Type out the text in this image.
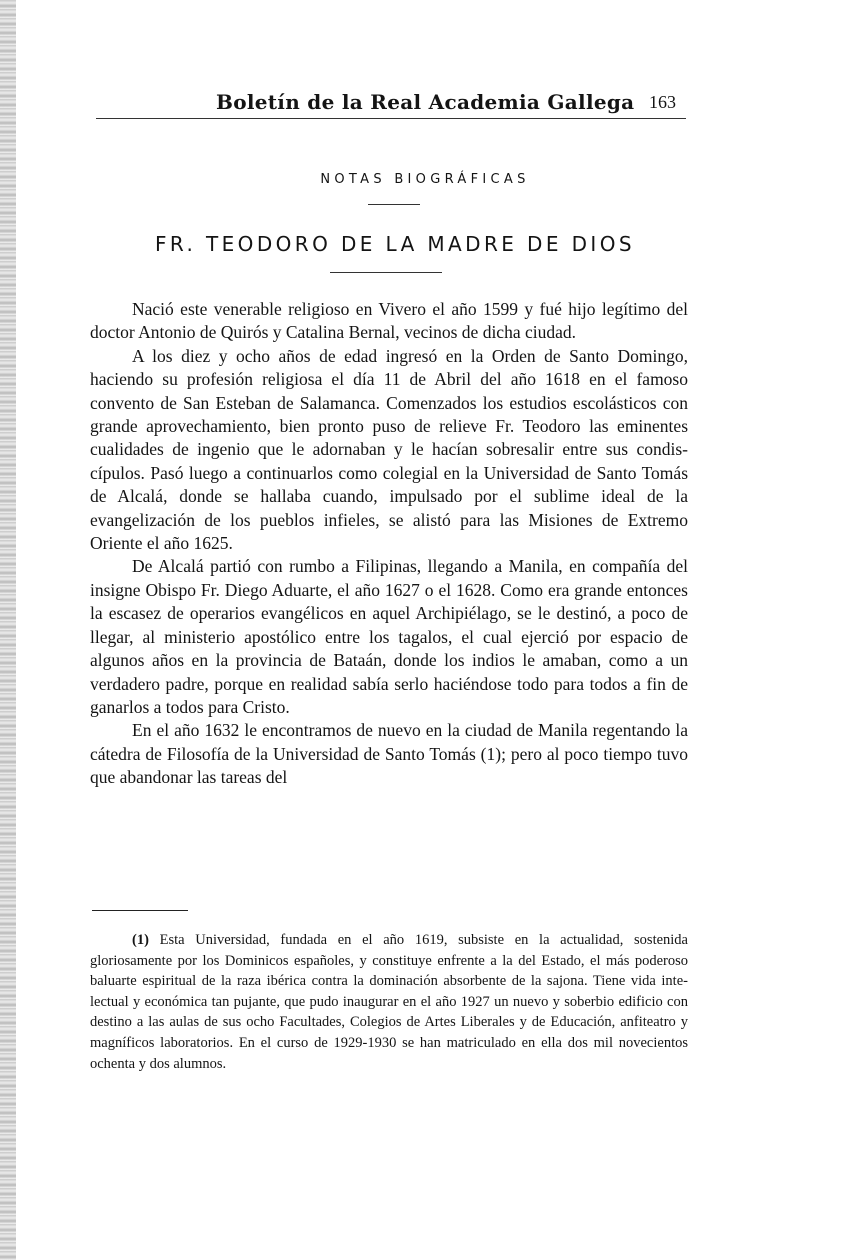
Boletín de la Real Academia Gallega 163
NOTAS BIOGRÁFICAS
FR. TEODORO DE LA MADRE DE DIOS

Nació este venerable religioso en Vivero el año 1599 y fué hijo legítimo del doctor Antonio de Quirós y Catalina Bernal, vecinos de dicha ciudad.

A los diez y ocho años de edad ingresó en la Orden de Santo Domingo, haciendo su profesión religiosa el día 11 de Abril del año 1618 en el famoso convento de San Esteban de Salamanca. Comenzados los estudios escolásticos con grande aprovechamiento, bien pronto puso de relieve Fr. Teodoro las eminentes cualidades de ingenio que le adornaban y le hacían sobresalir entre sus condiscípulos. Pasó luego a continuarlos como colegial en la Universidad de Santo Tomás de Alcalá, donde se hallaba cuando, impulsado por el sublime ideal de la evangelización de los pueblos infieles, se alistó para las Misiones de Extremo Oriente el año 1625.

De Alcalá partió con rumbo a Filipinas, llegando a Manila, en compañía del insigne Obispo Fr. Diego Aduarte, el año 1627 o el 1628. Como era grande entonces la escasez de operarios evangélicos en aquel Archipiélago, se le destinó, a poco de llegar, al ministerio apostólico entre los tagalos, el cual ejerció por espacio de algunos años en la provincia de Bataán, donde los indios le amaban, como a un verdadero padre, porque en realidad sabía serlo haciéndose todo para todos a fin de ganarlos a todos para Cristo.

En el año 1632 le encontramos de nuevo en la ciudad de Manila regentando la cátedra de Filosofía de la Universidad de Santo Tomás (1); pero al poco tiempo tuvo que abandonar las tareas del

(1) Esta Universidad, fundada en el año 1619, subsiste en la actualidad, sostenida gloriosamente por los Dominicos españoles, y constituye enfrente a la del Estado, el más poderoso baluarte espiritual de la raza ibérica contra la dominación absorbente de la sajona. Tiene vida intelectual y económica tan pujante, que pudo inaugurar en el año 1927 un nuevo y soberbio edificio con destino a las aulas de sus ocho Facultades, Colegios de Artes Liberales y de Educación, anfiteatro y magníficos laboratorios. En el curso de 1929-1930 se han matriculado en ella dos mil novecientos ochenta y dos alumnos.
